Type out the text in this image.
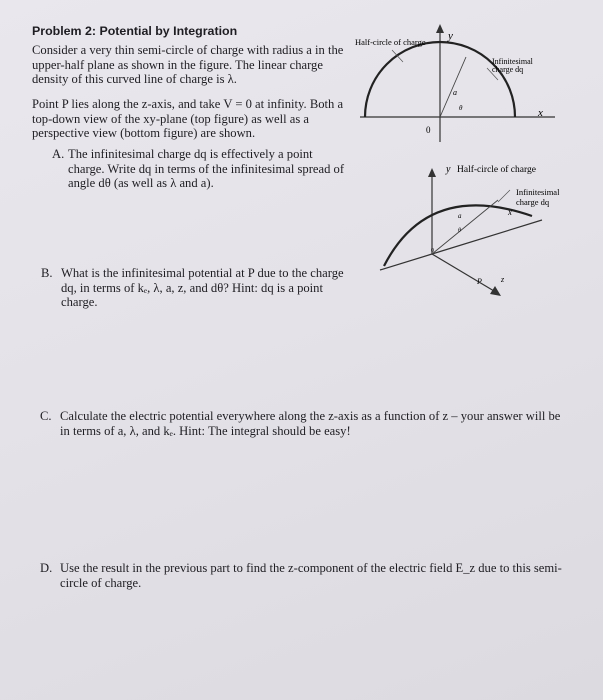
Problem 2: Potential by Integration
Consider a very thin semi-circle of charge with radius a in the upper-half plane as shown in the figure. The linear charge density of this curved line of charge is λ.
Point P lies along the z-axis, and take V = 0 at infinity. Both a top-down view of the xy-plane (top figure) as well as a perspective view (bottom figure) are shown.
A. The infinitesimal charge dq is effectively a point charge. Write dq in terms of the infinitesimal spread of angle dθ (as well as λ and a).
B. What is the infinitesimal potential at P due to the charge dq, in terms of kₑ, λ, a, z, and dθ? Hint: dq is a point charge.
C. Calculate the electric potential everywhere along the z-axis as a function of z – your answer will be in terms of a, λ, and kₑ. Hint: The integral should be easy!
D. Use the result in the previous part to find the z-component of the electric field E_z due to this semi-circle of charge.
Half-circle of charge y
Infinitesimal
charge dq
a
θ	x
0
y Half-circle of charge
Infinitesimal
charge dq
x
a
θ
0
P z
